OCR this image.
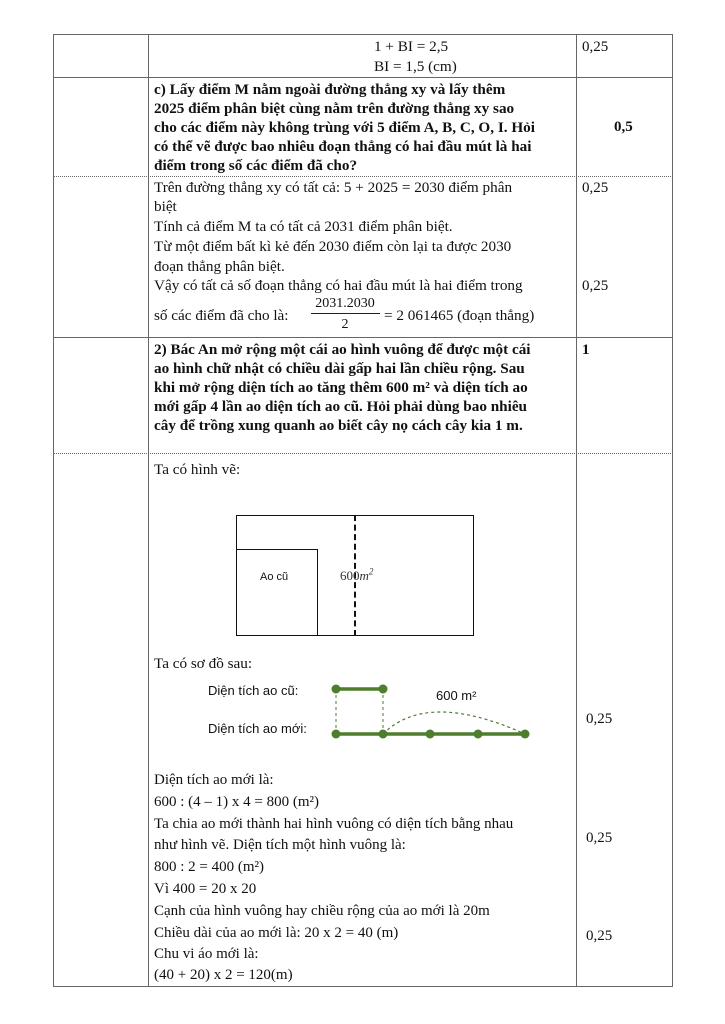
1 + BI = 2,5
BI = 1,5 (cm)
0,25
c) Lấy điểm M nằm ngoài đường thẳng xy và lấy thêm
2025 điểm phân biệt cùng nằm trên đường thẳng xy sao
cho các điểm này không trùng với 5 điểm A, B, C, O, I. Hỏi
có thể vẽ được bao nhiêu đoạn thẳng có hai đầu mút là hai
điểm trong số các điểm đã cho?
0,5
Trên đường thẳng xy có tất cả: 5 + 2025 = 2030 điểm phân
biệt
Tính cả điểm M ta có tất cả 2031 điểm phân biệt.
Từ một điểm bất kì kẻ đến 2030 điểm còn lại ta được 2030
đoạn thẳng phân biệt.
Vậy có tất cả số đoạn thẳng có hai đầu mút là hai điểm trong
số các điểm đã cho là:
2031.2030
2
= 2 061465 (đoạn thẳng)
0,25
0,25
2) Bác An mở rộng một cái ao hình vuông để được một cái
ao hình chữ nhật có chiều dài gấp hai lần chiều rộng. Sau
khi mở rộng diện tích ao tăng thêm 600 m² và diện tích ao
mới gấp 4 lần ao diện tích ao cũ. Hỏi phải dùng bao nhiêu
cây để trồng xung quanh ao biết cây nọ cách cây kia 1 m.
1
Ta có hình vẽ:
Ao cũ	$600m^2$
Ta có sơ đồ sau:
Diện tích ao cũ:
Diện tích ao mới:
600 m²
Diện tích ao mới là:
600 : (4 – 1) x 4 = 800 (m²)
Ta chia ao mới thành hai hình vuông có diện tích bằng nhau
như hình vẽ. Diện tích một hình vuông là:
800 : 2 = 400 (m²)
Vì 400 = 20 x 20
Cạnh của hình vuông hay chiều rộng của ao mới là 20m
Chiều dài của ao mới là: 20 x 2 = 40 (m)
Chu vi áo mới là:
(40 + 20) x 2 = 120(m)
0,25
0,25
0,25
